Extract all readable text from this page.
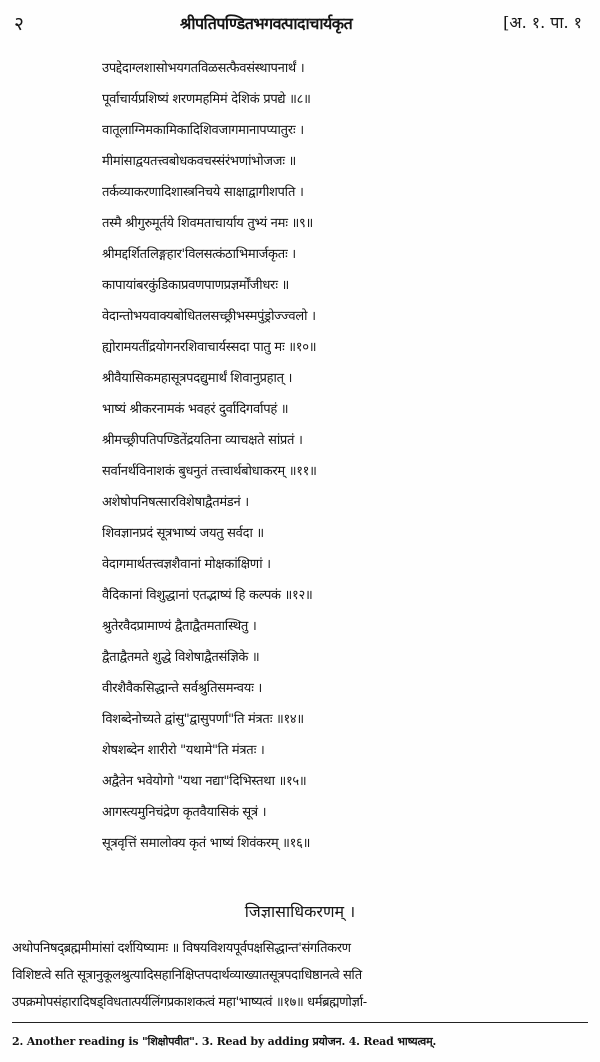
२	श्रीपतिपण्डितभगवत्पादाचार्यकृत	[अ. १. पा. १
उपद्देदाग्लशासोभयगतविळसत्फैवसंस्थापनार्थं ।
पूर्वाचार्यप्रशिष्यं शरणमहमिमं देशिकं प्रपद्ये ॥८॥
वातूलाग्निमकामिकादिशिवजागमानापप्यातुरः ।
मीमांसाद्वयतत्त्वबोधकवचस्संरंभणांभोजजः ॥
तर्कव्याकरणादिशास्त्रनिचये साक्षाद्वागीशपति ।
तस्मै श्रीगुरुमूर्तये शिवमताचार्याय तुभ्यं नमः ॥९॥
श्रीमद्दर्शितलिङ्गहार'विलसत्कंठाभिमार्जकृतः ।
कापायांबरकुंडिकाप्रवणपाणप्रज्ञर्मोंजीधरः ॥
वेदान्तोभयवाक्यबोधितलसच्छ्रीभस्मपुंड्रोज्ज्वलो ।
ह्योरामयतींद्रयोगनरशिवाचार्यस्सदा पातु मः ॥१०॥
श्रीवैयासिकमहासूत्रपदद्युमार्थं शिवानुप्रहात् ।
भाष्यं श्रीकरनामकं भवहरं दुर्वादिगर्वापहं ॥
श्रीमच्छ्रीपतिपण्डितेंद्रयतिना व्याचक्षते सांप्रतं ।
सर्वानर्थविनाशकं बुधनुतं तत्त्वार्थबोधाकरम् ॥११॥
अशेषोपनिषत्सारविशेषाद्वैतमंडनं ।
शिवज्ञानप्रदं सूत्रभाष्यं जयतु सर्वदा ॥
वेदागमार्थतत्त्वज्ञशैवानां मोक्षकांक्षिणां ।
वैदिकानां विशुद्धानां एतद्भाष्यं हि कल्पकं ॥१२॥
श्रुतेरवैदप्रामाण्यं द्वैताद्वैतमतास्थितु ।
द्वैताद्वैतमते शुद्धे विशेषाद्वैतसंज्ञिके ॥
वीरशैवैकसिद्धान्ते सर्वश्रुतिसमन्वयः ।
विशब्देनोच्यते द्वांसु"द्वासुपर्णा"ति मंत्रतः ॥१४॥
शेषशब्देन शारीरो "यथामे"ति मंत्रतः ।
अद्वैतेन भवेयोगो "यथा नद्या"दिभिस्तथा ॥१५॥
आगस्त्यमुनिचंद्रेण कृतवैयासिकं सूत्रं ।
सूत्रवृत्तिं समालोक्य कृतं भाष्यं शिवंकरम् ॥१६॥
जिज्ञासाधिकरणम् ।
अथोपनिषद्ब्रह्ममीमांसां दर्शयिष्यामः ॥ विषयविशयपूर्वपक्षसिद्धान्त'संगतिकरण
विशिष्टत्वे सति सूत्रानुकूलश्रुत्यादिसहानिक्षिप्तपदार्थव्याख्यातसूत्रपदाधिष्ठानत्वे सति
उपक्रमोपसंहारादिषड्विधतात्पर्यलिंगप्रकाशकत्वं महा'भाष्यत्वं ॥१७॥ धर्मब्रह्मणोर्ज्ञा-
2. Another reading is "शिक्षोपवीत". 3. Read by adding प्रयोजन. 4. Read भाष्यत्वम्.
